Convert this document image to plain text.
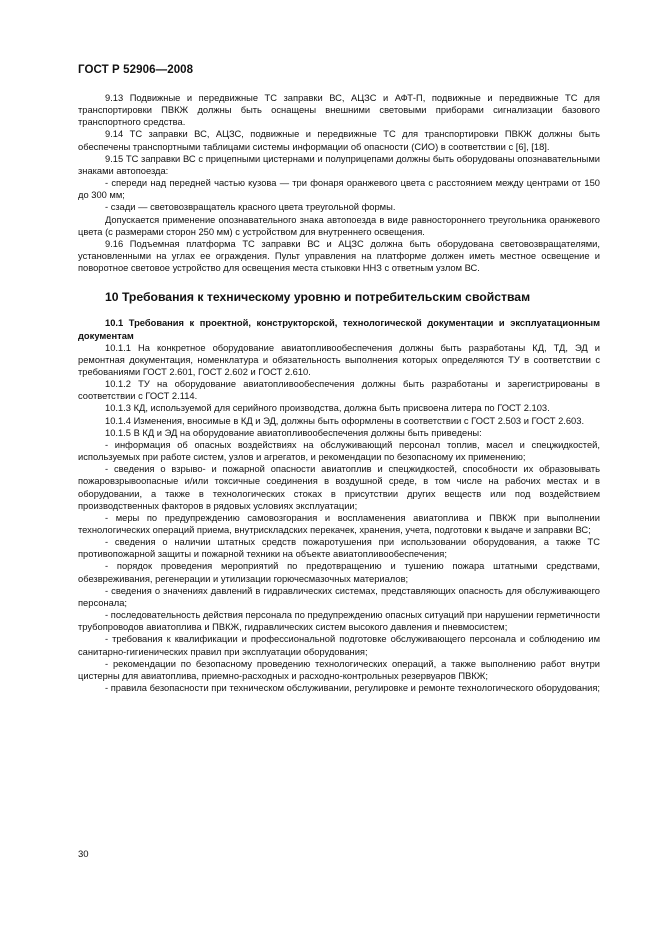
ГОСТ Р 52906—2008

9.13 Подвижные и передвижные ТС заправки ВС, АЦЗС и АФТ-П, подвижные и передвижные ТС для транспортировки ПВКЖ должны быть оснащены внешними световыми приборами сигнализации базового транспортного средства.

9.14 ТС заправки ВС, АЦЗС, подвижные и передвижные ТС для транспортировки ПВКЖ должны быть обеспечены транспортными таблицами системы информации об опасности (СИО) в соответствии с [6], [18].

9.15 ТС заправки ВС с прицепными цистернами и полуприцепами должны быть оборудованы опознавательными знаками автопоезда:

- спереди над передней частью кузова — три фонаря оранжевого цвета с расстоянием между центрами от 150 до 300 мм;

- сзади — световозвращатель красного цвета треугольной формы.

Допускается применение опознавательного знака автопоезда в виде равностороннего треугольника оранжевого цвета (с размерами сторон 250 мм) с устройством для внутреннего освещения.

9.16 Подъемная платформа ТС заправки ВС и АЦЗС должна быть оборудована световозвращателями, установленными на углах ее ограждения. Пульт управления на платформе должен иметь местное освещение и поворотное световое устройство для освещения места стыковки ННЗ с ответным узлом ВС.

10 Требования к техническому уровню и потребительским свойствам

10.1 Требования к проектной, конструкторской, технологической документации и эксплуатационным документам

10.1.1 На конкретное оборудование авиатопливообеспечения должны быть разработаны КД, ТД, ЭД и ремонтная документация, номенклатура и обязательность выполнения которых определяются ТУ в соответствии с требованиями ГОСТ 2.601, ГОСТ 2.602 и ГОСТ 2.610.

10.1.2 ТУ на оборудование авиатопливообеспечения должны быть разработаны и зарегистрированы в соответствии с ГОСТ 2.114.

10.1.3 КД, используемой для серийного производства, должна быть присвоена литера по ГОСТ 2.103.

10.1.4 Изменения, вносимые в КД и ЭД, должны быть оформлены в соответствии с ГОСТ 2.503 и ГОСТ 2.603.

10.1.5 В КД и ЭД на оборудование авиатопливообеспечения должны быть приведены:

- информация об опасных воздействиях на обслуживающий персонал топлив, масел и спецжидкостей, используемых при работе систем, узлов и агрегатов, и рекомендации по безопасному их применению;

- сведения о взрыво- и пожарной опасности авиатоплив и спецжидкостей, способности их образовывать пожаровзрывоопасные и/или токсичные соединения в воздушной среде, в том числе на рабочих местах и в оборудовании, а также в технологических стоках в присутствии других веществ или под воздействием производственных факторов в рядовых условиях эксплуатации;

- меры по предупреждению самовозгорания и воспламенения авиатоплива и ПВКЖ при выполнении технологических операций приема, внутрискладских перекачек, хранения, учета, подготовки к выдаче и заправки ВС;

- сведения о наличии штатных средств пожаротушения при использовании оборудования, а также ТС противопожарной защиты и пожарной техники на объекте авиатопливообеспечения;

- порядок проведения мероприятий по предотвращению и тушению пожара штатными средствами, обезвреживания, регенерации и утилизации горючесмазочных материалов;

- сведения о значениях давлений в гидравлических системах, представляющих опасность для обслуживающего персонала;

- последовательность действия персонала по предупреждению опасных ситуаций при нарушении герметичности трубопроводов авиатоплива и ПВКЖ, гидравлических систем высокого давления и пневмосистем;

- требования к квалификации и профессиональной подготовке обслуживающего персонала и соблюдению им санитарно-гигиенических правил при эксплуатации оборудования;

- рекомендации по безопасному проведению технологических операций, а также выполнению работ внутри цистерны для авиатоплива, приемно-расходных и расходно-контрольных резервуаров ПВКЖ;

- правила безопасности при техническом обслуживании, регулировке и ремонте технологического оборудования;

30
